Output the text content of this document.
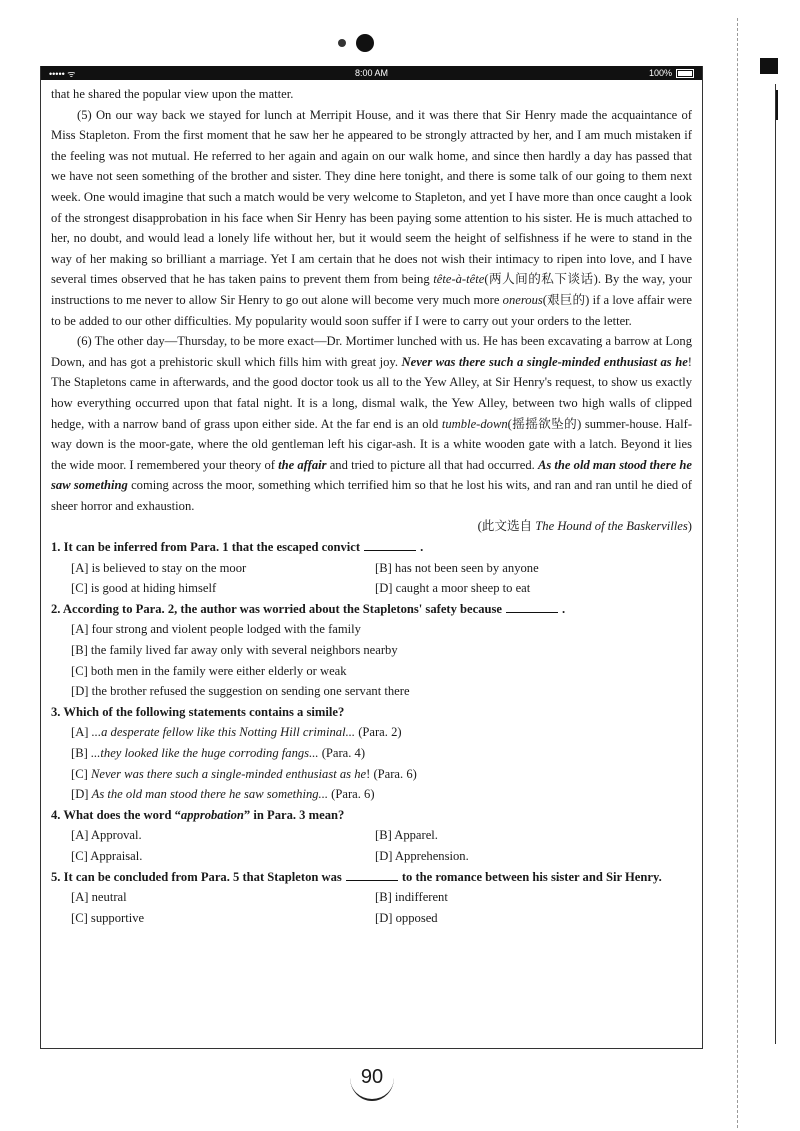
••••• ᯤ	8:00 AM	100%

that he shared the popular view upon the matter.

(5) On our way back we stayed for lunch at Merripit House, and it was there that Sir Henry made the acquaintance of Miss Stapleton. From the first moment that he saw her he appeared to be strongly attracted by her, and I am much mistaken if the feeling was not mutual. He referred to her again and again on our walk home, and since then hardly a day has passed that we have not seen something of the brother and sister. They dine here tonight, and there is some talk of our going to them next week. One would imagine that such a match would be very welcome to Stapleton, and yet I have more than once caught a look of the strongest disapprobation in his face when Sir Henry has been paying some attention to his sister. He is much attached to her, no doubt, and would lead a lonely life without her, but it would seem the height of selfishness if he were to stand in the way of her making so brilliant a marriage. Yet I am certain that he does not wish their intimacy to ripen into love, and I have several times observed that he has taken pains to prevent them from being tête-à-tête(两人间的私下谈话). By the way, your instructions to me never to allow Sir Henry to go out alone will become very much more onerous(艰巨的) if a love affair were to be added to our other difficulties. My popularity would soon suffer if I were to carry out your orders to the letter.

(6) The other day—Thursday, to be more exact—Dr. Mortimer lunched with us. He has been excavating a barrow at Long Down, and has got a prehistoric skull which fills him with great joy. Never was there such a single-minded enthusiast as he! The Stapletons came in afterwards, and the good doctor took us all to the Yew Alley, at Sir Henry's request, to show us exactly how everything occurred upon that fatal night. It is a long, dismal walk, the Yew Alley, between two high walls of clipped hedge, with a narrow band of grass upon either side. At the far end is an old tumble-down(摇摇欲坠的) summer-house. Half-way down is the moor-gate, where the old gentleman left his cigar-ash. It is a white wooden gate with a latch. Beyond it lies the wide moor. I remembered your theory of the affair and tried to picture all that had occurred. As the old man stood there he saw something coming across the moor, something which terrified him so that he lost his wits, and ran and ran until he died of sheer horror and exhaustion.

(此文选自 The Hound of the Baskervilles)

1. It can be inferred from Para. 1 that the escaped convict	.

[A] is believed to stay on the moor	[B] has not been seen by anyone
[C] is good at hiding himself	[D] caught a moor sheep to eat

2. According to Para. 2, the author was worried about the Stapletons' safety because	.

[A] four strong and violent people lodged with the family
[B] the family lived far away only with several neighbors nearby
[C] both men in the family were either elderly or weak
[D] the brother refused the suggestion on sending one servant there

3. Which of the following statements contains a simile?

[A] ...a desperate fellow like this Notting Hill criminal... (Para. 2)
[B] ...they looked like the huge corroding fangs... (Para. 4)
[C] Never was there such a single-minded enthusiast as he! (Para. 6)
[D] As the old man stood there he saw something... (Para. 6)

4. What does the word “approbation” in Para. 3 mean?

[A] Approval.	[B] Apparel.
[C] Appraisal.	[D] Apprehension.

5. It can be concluded from Para. 5 that Stapleton was	to the romance between his sister and Sir Henry.

[A] neutral	[B] indifferent
[C] supportive	[D] opposed
90
